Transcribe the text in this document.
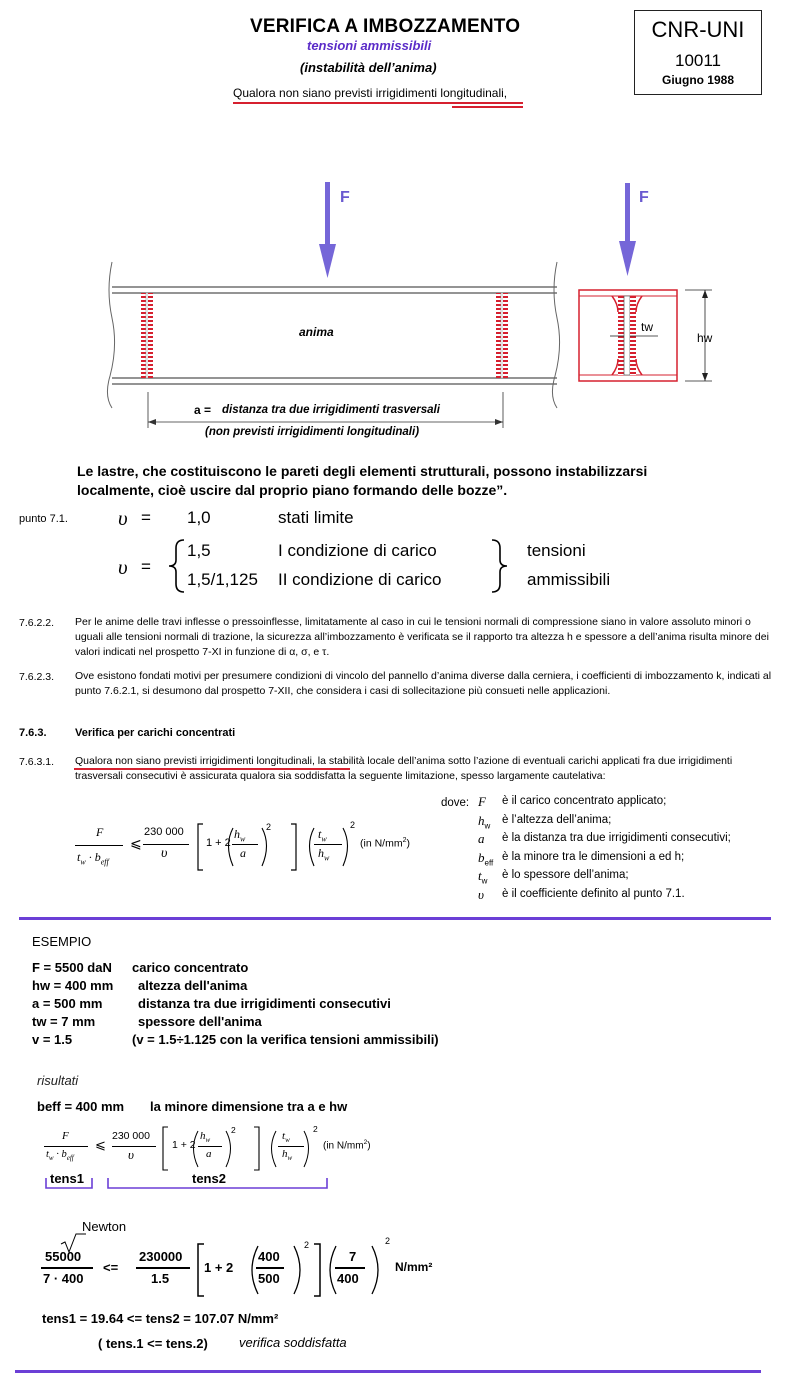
VERIFICA A IMBOZZAMENTO
tensioni ammissibili
(instabilità dell’anima)
Qualora non siano previsti irrigidimenti longitudinali,
CNR-UNI
10011
Giugno 1988
F	F
anima
a = distanza tra due irrigidimenti trasversali
(non previsti irrigidimenti longitudinali)
tw
hw
Le lastre, che costituiscono le pareti degli elementi strutturali, possono instabilizzarsi localmente, cioè uscire dal proprio piano formando delle bozze”.
punto 7.1. υ = 1,0	stati limite
υ =
1,5	I condizione di carico
1,5/1,125 II condizione di carico
tensioni
ammissibili
7.6.2.2. Per le anime delle travi inflesse o pressoinflesse, limitatamente al caso in cui le tensioni normali di compressione siano in valore assoluto minori o uguali alle tensioni normali di trazione, la sicurezza all’imbozzamento è verificata se il rapporto tra altezza h e spessore a dell’anima risulta minore dei valori indicati nel prospetto 7-XI in funzione di α, σ, e τ.
7.6.2.3. Ove esistono fondati motivi per presumere condizioni di vincolo del pannello d’anima diverse dalla cerniera, i coefficienti di imbozzamento k, indicati al punto 7.6.2.1, si desumono dal prospetto 7-XII, che considera i casi di sollecitazione più consueti nelle applicazioni.
7.6.3.	Verifica per carichi concentrati
7.6.3.1. Qualora non siano previsti irrigidimenti longitudinali, la stabilità locale dell’anima sotto l’azione di eventuali carichi applicati fra due irrigidimenti trasversali consecutivi è assicurata qualora sia soddisfatta la seguente limitazione, spesso largamente cautelativa:
F
$t_w \cdot b_{eff}$
⩽
230 000
υ
1 + 2
$h_w$
a
2	$t_w$
$h_w$
2
(in $N/mm^2$)
dove: F è il carico concentrato applicato;
$h_w$ è l’altezza dell’anima;
a è la distanza tra due irrigidimenti consecutivi;
$b_{eff}$ è la minore tra le dimensioni a ed h;
$t_w$ è lo spessore dell’anima;
υ è il coefficiente definito al punto 7.1.
ESEMPIO
F = 5500 daN carico concentrato
hw = 400 mm altezza dell'anima
a = 500 mm	distanza tra due irrigidimenti consecutivi
tw = 7 mm	spessore dell'anima
v = 1.5	(v = 1.5÷1.125 con la verifica tensioni ammissibili)
risultati
beff = 400 mm la minore dimensione tra a e hw
F
$t_w \cdot b_{eff}$
⩽
230 000
υ
1 + 2
$h_w$
a
2	$t_w$
$h_w$
2
(in $N/mm^2$)
tens1	tens2
Newton
55000
7 · 400
<=
230000
1.5
1 + 2
400
500
2
7
400
2
N/mm²
tens1 = 19.64 <= tens2 = 107.07 N/mm²
( tens.1 <= tens.2) verifica soddisfatta
